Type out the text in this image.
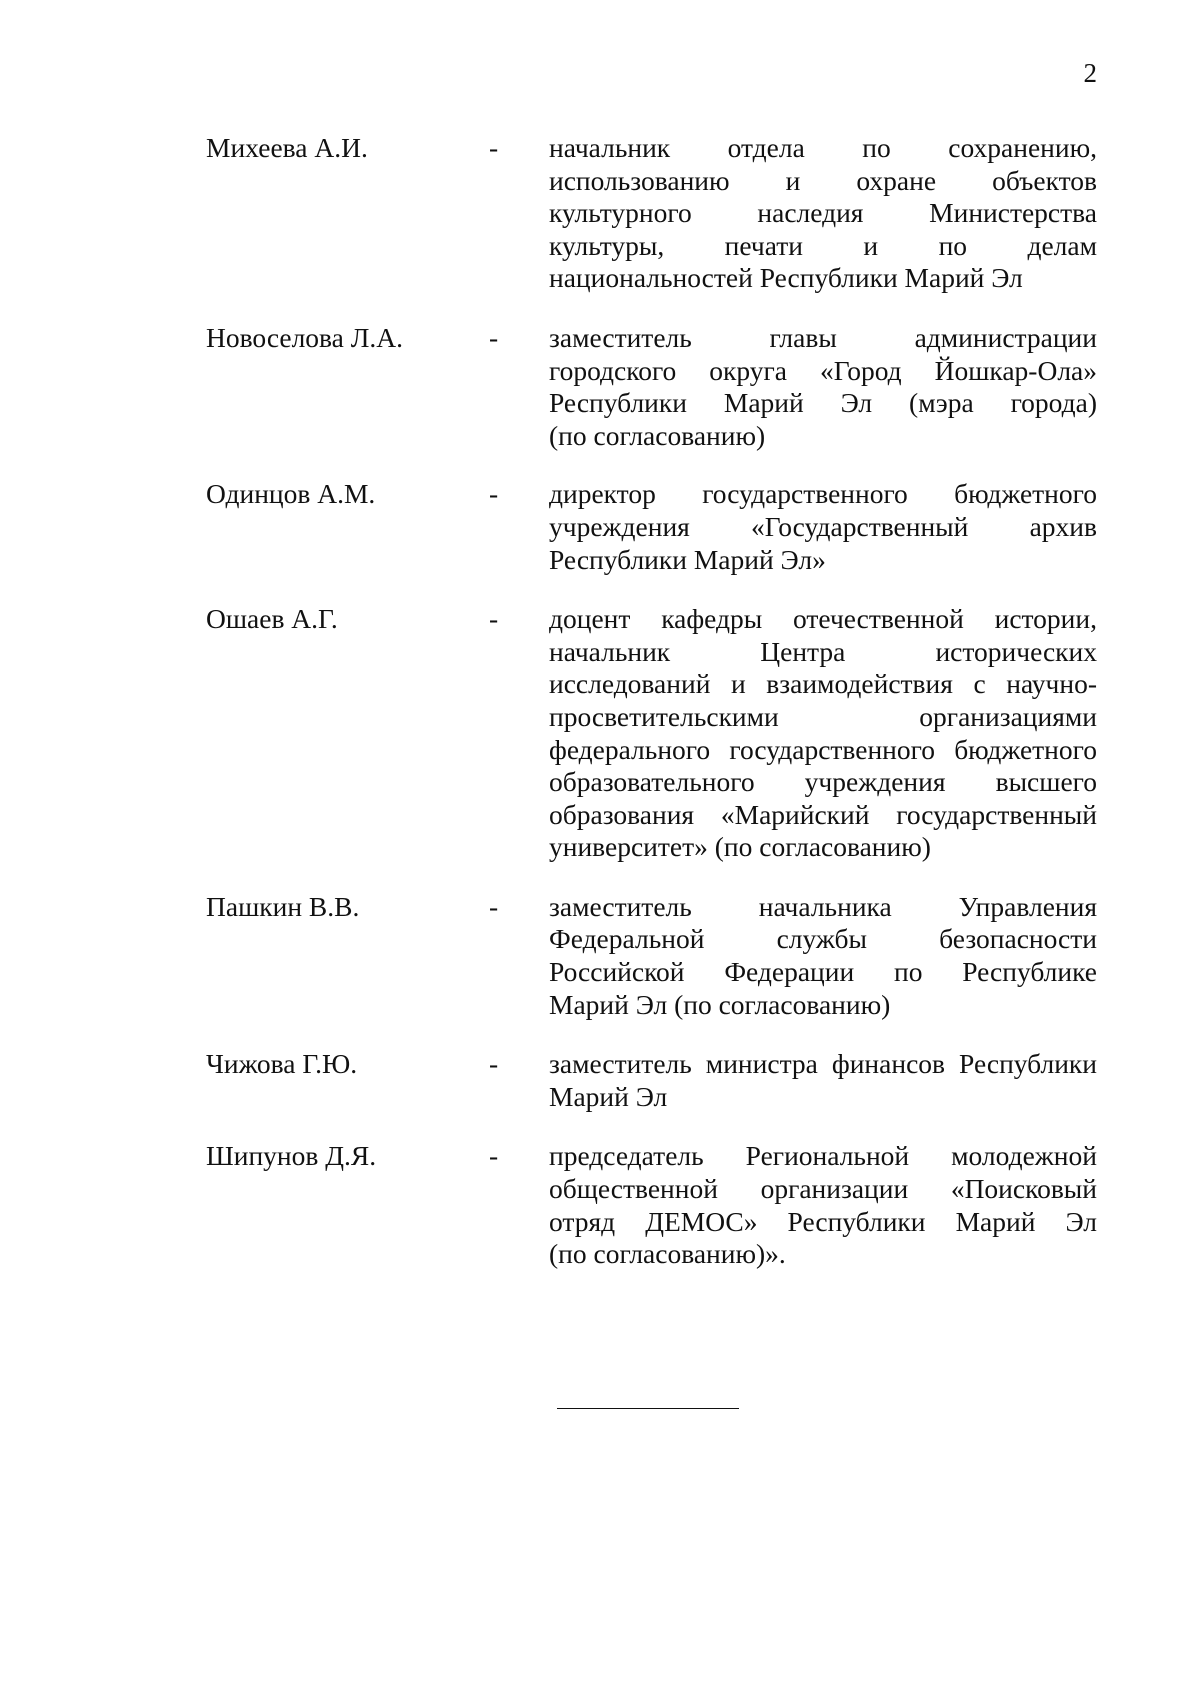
2
Михеева А.И.	- начальник отдела по сохранению,
использованию и охране объектов
культурного наследия Министерства
культуры, печати и по делам
национальностей Республики Марий Эл
Новоселова Л.А.	- заместитель главы администрации
городского округа «Город Йошкар-Ола»
Республики Марий Эл (мэра города)
(по согласованию)
Одинцов А.М.	- директор государственного бюджетного
учреждения «Государственный архив
Республики Марий Эл»
Ошаев А.Г.	- доцент кафедры отечественной истории,
начальник Центра исторических
исследований и взаимодействия с научно-
просветительскими организациями
федерального государственного бюджетного
образовательного учреждения высшего
образования «Марийский государственный
университет» (по согласованию)
Пашкин В.В.	- заместитель начальника Управления
Федеральной службы безопасности
Российской Федерации по Республике
Марий Эл (по согласованию)
Чижова Г.Ю.	- заместитель министра финансов Республики
Марий Эл
Шипунов Д.Я.	- председатель Региональной молодежной
общественной организации «Поисковый
отряд ДЕМОС» Республики Марий Эл
(по согласованию)».
